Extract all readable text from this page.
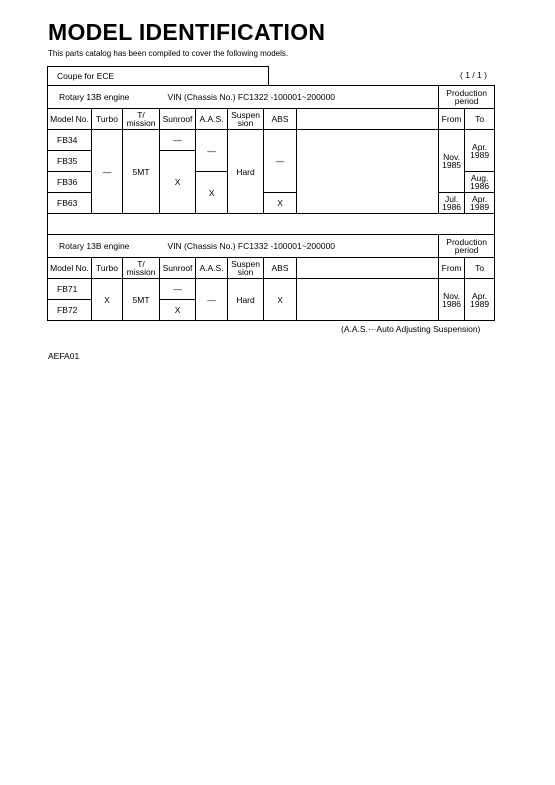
MODEL IDENTIFICATION
This parts catalog has been compiled to cover the following models.
Coupe for ECE	( 1 / 1 )
Rotary 13B engine			VIN (Chassis No.) FC1322 -100001~200000					Production period	
Model No.	Turbo	T/ mission	Sunroof	A.A.S.	Suspen sion	ABS		From	To
FB34	—	5MT	—	—	Hard	—		Nov. 1985	Apr. 1989
FB35			X						
FB36				X					Aug. 1986
FB63						X		Jul. 1986	Apr. 1989

Rotary 13B engine			VIN (Chassis No.) FC1332 -100001~200000					Production period	
Model No.	Turbo	T/ mission	Sunroof	A.A.S.	Suspen sion	ABS		From	To
FB71	X	5MT	—	—	Hard	X		Nov. 1986	Apr. 1989
FB72			X						
(A.A.S.···Auto Adjusting Suspension)
AEFA01
